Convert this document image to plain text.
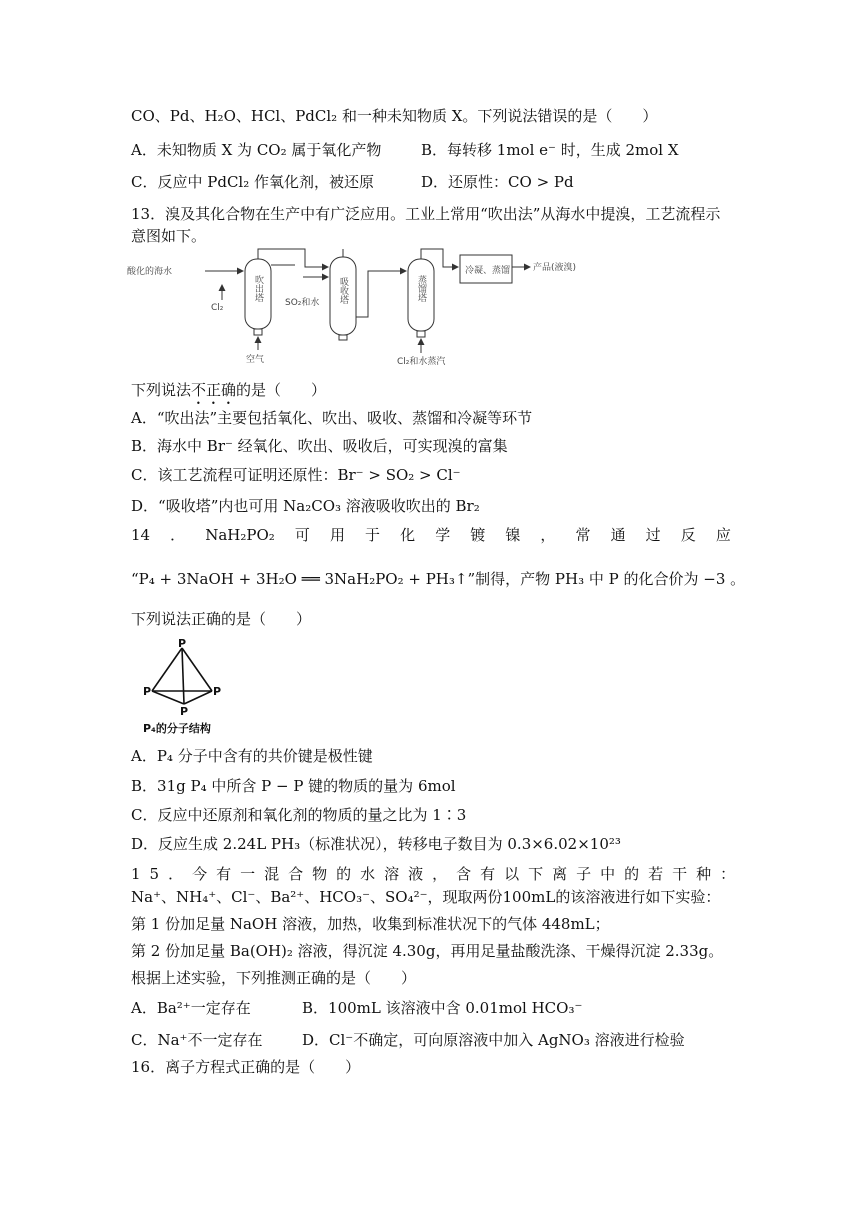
CO、Pd、H₂O、HCl、PdCl₂ 和一种未知物质 X。下列说法错误的是（　　）
A．未知物质 X 为 CO₂ 属于氧化产物	B．每转移 1mol e⁻ 时，生成 2mol X
C．反应中 PdCl₂ 作氧化剂，被还原	D．还原性：CO > Pd
13．溴及其化合物在生产中有广泛应用。工业上常用“吹出法”从海水中提溴，工艺流程示
意图如下。
酸化的海水
Cl₂
空气
SO₂和水
Cl₂和水蒸汽
冷凝、蒸馏	产品(液溴)
吹出塔	吸收塔	蒸馏塔
下列说法不正确的是（　　）
A．“吹出法”主要包括氧化、吹出、吸收、蒸馏和冷凝等环节
B．海水中 Br⁻ 经氧化、吹出、吸收后，可实现溴的富集
C．该工艺流程可证明还原性：Br⁻ > SO₂ > Cl⁻
D．“吸收塔”内也可用 Na₂CO₃ 溶液吸收吹出的 Br₂
14 ． NaH₂PO₂ 可 用 于 化 学 镀 镍 ， 常 通 过 反 应
“P₄ + 3NaOH + 3H₂O ══ 3NaH₂PO₂ + PH₃↑”制得，产物 PH₃ 中 P 的化合价为 −3 。
下列说法正确的是（　　）
P
P	P
P
P₄的分子结构
A．P₄ 分子中含有的共价键是极性键
B．31g P₄ 中所含 P − P 键的物质的量为 6mol
C．反应中还原剂和氧化剂的物质的量之比为 1∶3
D．反应生成 2.24L PH₃（标准状况），转移电子数目为 0.3×6.02×10²³
15．今有一混合物的水溶液，含有以下离子中的若干种：
Na⁺、NH₄⁺、Cl⁻、Ba²⁺、HCO₃⁻、SO₄²⁻，现取两份100mL的该溶液进行如下实验：
第 1 份加足量 NaOH 溶液，加热，收集到标准状况下的气体 448mL；
第 2 份加足量 Ba(OH)₂ 溶液，得沉淀 4.30g，再用足量盐酸洗涤、干燥得沉淀 2.33g。
根据上述实验，下列推测正确的是（　　）
A．Ba²⁺一定存在	B．100mL 该溶液中含 0.01mol HCO₃⁻
C．Na⁺不一定存在	D．Cl⁻不确定，可向原溶液中加入 AgNO₃ 溶液进行检验
16．离子方程式正确的是（　　）
